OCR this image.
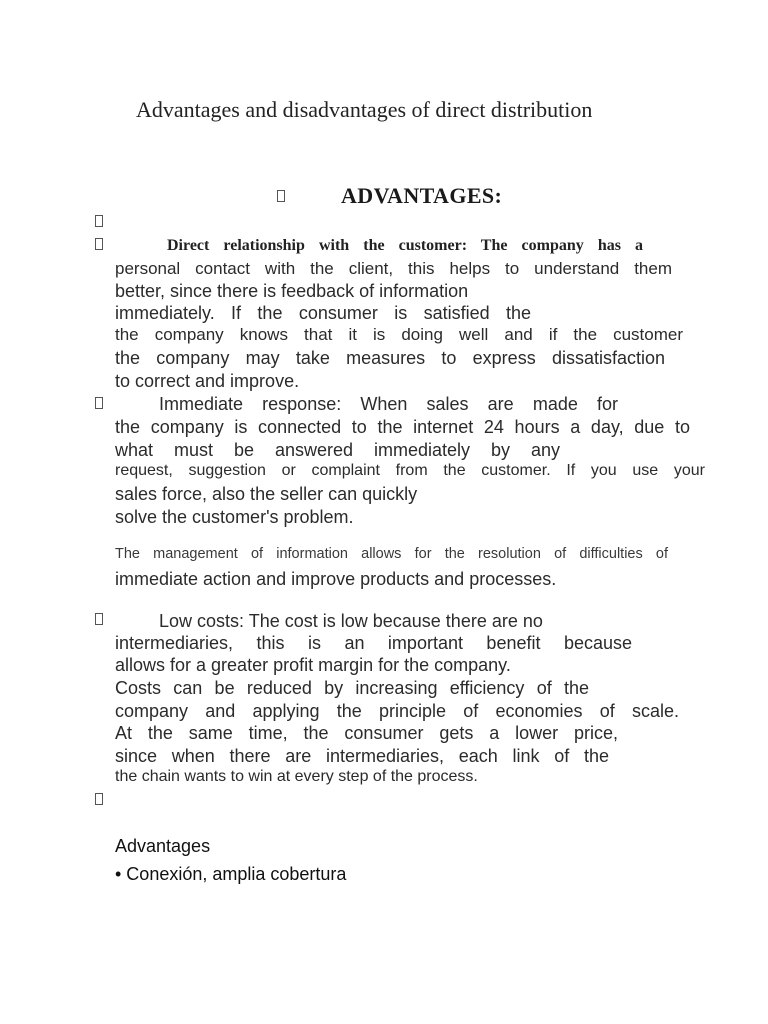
Advantages and disadvantages of direct distribution
ADVANTAGES:
Direct relationship with the customer: The company has a
personal contact with the client, this helps to understand them
better, since there is feedback of information
immediately. If the consumer is satisfied the
the company knows that it is doing well and if the customer
the company may take measures to express dissatisfaction
to correct and improve.
Immediate response: When sales are made for
the company is connected to the internet 24 hours a day, due to
what must be answered immediately by any
request, suggestion or complaint from the customer. If you use your
sales force, also the seller can quickly
solve the customer's problem.
The management of information allows for the resolution of difficulties of
immediate action and improve products and processes.
Low costs: The cost is low because there are no
intermediaries, this is an important benefit because
allows for a greater profit margin for the company.
Costs can be reduced by increasing efficiency of the
company and applying the principle of economies of scale.
At the same time, the consumer gets a lower price,
since when there are intermediaries, each link of the
the chain wants to win at every step of the process.
Advantages
• Conexión, amplia cobertura
